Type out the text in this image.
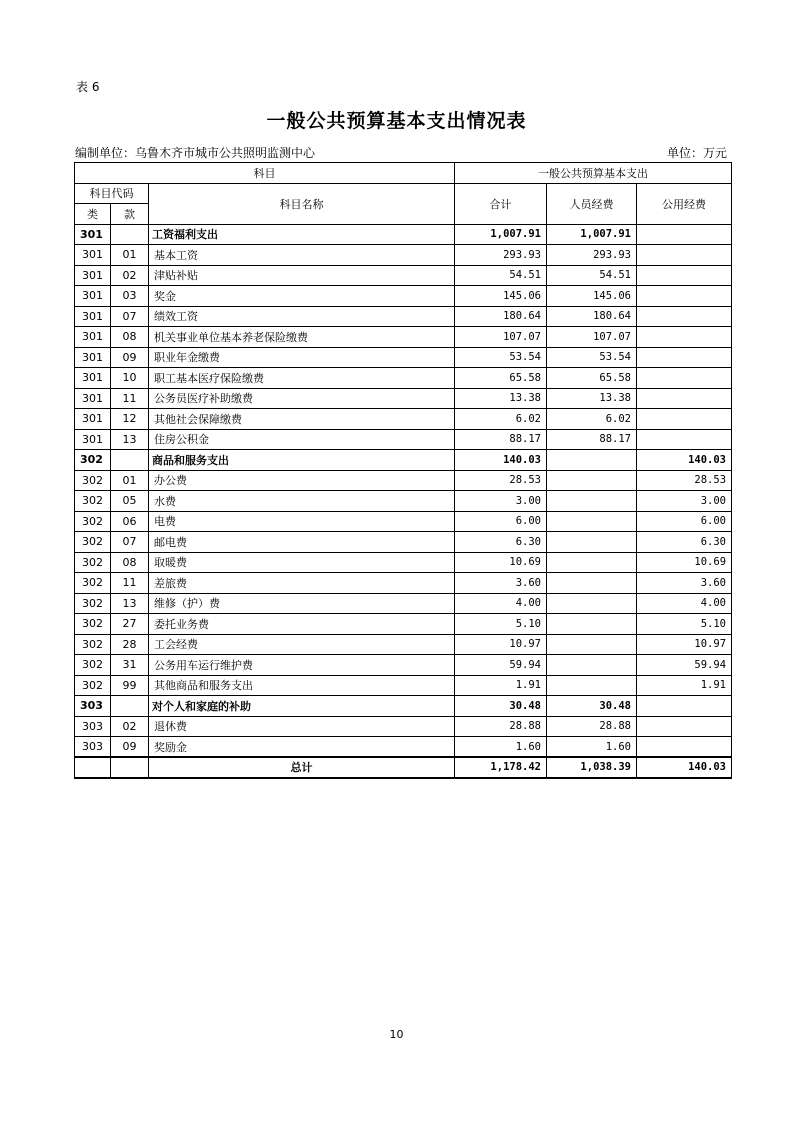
表 6
一般公共预算基本支出情况表
编制单位：乌鲁木齐市城市公共照明监测中心	单位：万元
科目			一般公共预算基本支出		
科目代码		科目名称	合计	人员经费	公用经费
类	款				
301		工资福利支出	1,007.91	1,007.91	
301	01	基本工资	293.93	293.93	
301	02	津贴补贴	54.51	54.51	
301	03	奖金	145.06	145.06	
301	07	绩效工资	180.64	180.64	
301	08	机关事业单位基本养老保险缴费	107.07	107.07	
301	09	职业年金缴费	53.54	53.54	
301	10	职工基本医疗保险缴费	65.58	65.58	
301	11	公务员医疗补助缴费	13.38	13.38	
301	12	其他社会保障缴费	6.02	6.02	
301	13	住房公积金	88.17	88.17	
302		商品和服务支出	140.03		140.03
302	01	办公费	28.53		28.53
302	05	水费	3.00		3.00
302	06	电费	6.00		6.00
302	07	邮电费	6.30		6.30
302	08	取暖费	10.69		10.69
302	11	差旅费	3.60		3.60
302	13	维修（护）费	4.00		4.00
302	27	委托业务费	5.10		5.10
302	28	工会经费	10.97		10.97
302	31	公务用车运行维护费	59.94		59.94
302	99	其他商品和服务支出	1.91		1.91
303		对个人和家庭的补助	30.48	30.48	
303	02	退休费	28.88	28.88	
303	09	奖励金	1.60	1.60	
		总计	1,178.42	1,038.39	140.03
10
